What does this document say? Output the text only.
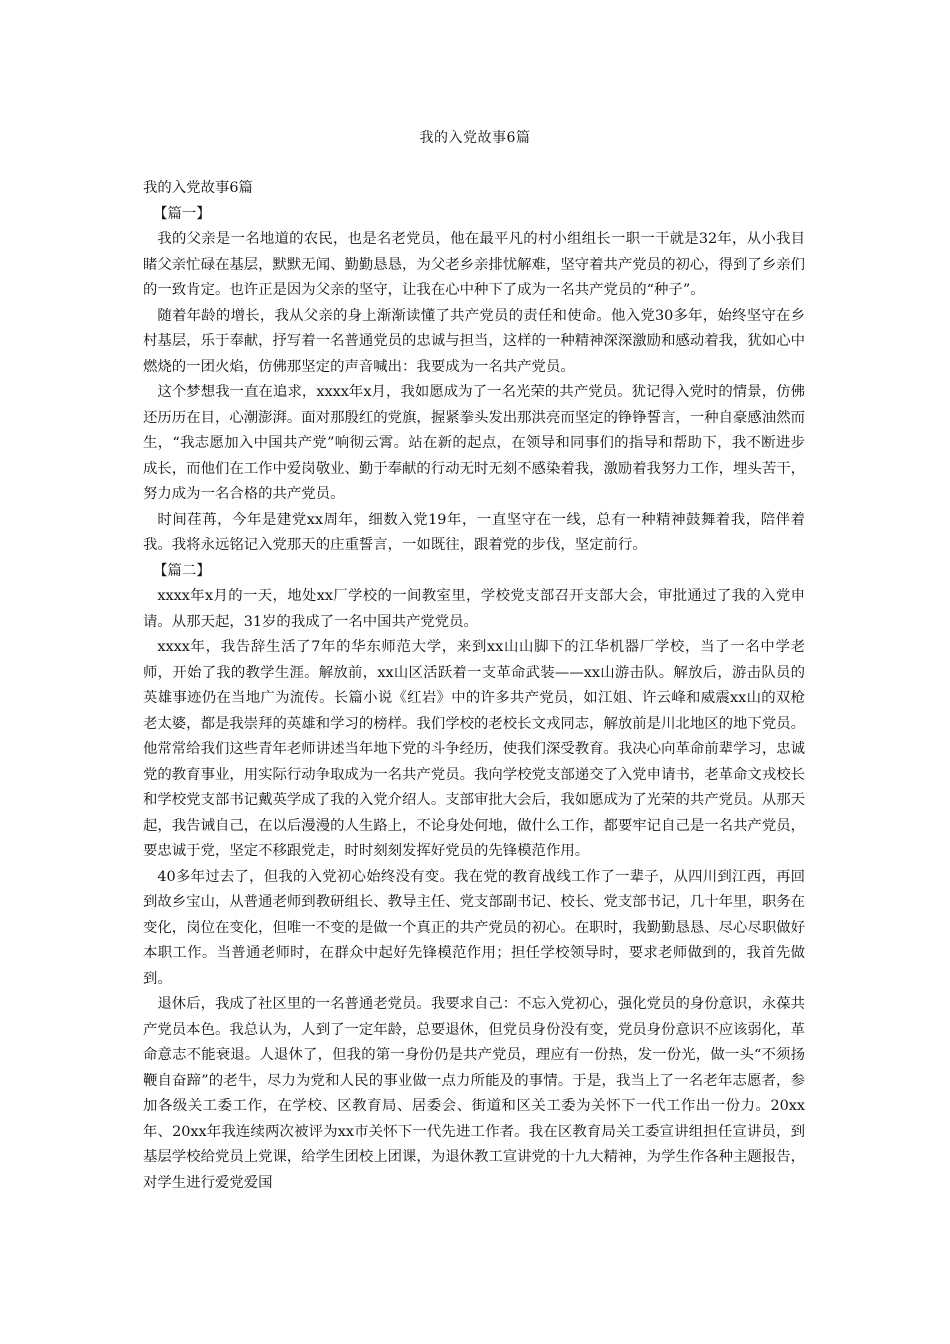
我的入党故事6篇

我的入党故事6篇

【篇一】

我的父亲是一名地道的农民，也是名老党员，他在最平凡的村小组组长一职一干就是32年，从小我目睹父亲忙碌在基层，默默无闻、勤勤恳恳，为父老乡亲排忧解难，坚守着共产党员的初心，得到了乡亲们的一致肯定。也许正是因为父亲的坚守，让我在心中种下了成为一名共产党员的“种子”。

随着年龄的增长，我从父亲的身上渐渐读懂了共产党员的责任和使命。他入党30多年，始终坚守在乡村基层，乐于奉献，抒写着一名普通党员的忠诚与担当，这样的一种精神深深激励和感动着我，犹如心中燃烧的一团火焰，仿佛那坚定的声音喊出：我要成为一名共产党员。

这个梦想我一直在追求，xxxx年x月，我如愿成为了一名光荣的共产党员。犹记得入党时的情景，仿佛还历历在目，心潮澎湃。面对那殷红的党旗，握紧拳头发出那洪亮而坚定的铮铮誓言，一种自豪感油然而生，“我志愿加入中国共产党”响彻云霄。站在新的起点，在领导和同事们的指导和帮助下，我不断进步成长，而他们在工作中爱岗敬业、勤于奉献的行动无时无刻不感染着我，激励着我努力工作，埋头苦干，努力成为一名合格的共产党员。

时间荏苒，今年是建党xx周年，细数入党19年，一直坚守在一线，总有一种精神鼓舞着我，陪伴着我。我将永远铭记入党那天的庄重誓言，一如既往，跟着党的步伐，坚定前行。

【篇二】

xxxx年x月的一天，地处xx厂学校的一间教室里，学校党支部召开支部大会，审批通过了我的入党申请。从那天起，31岁的我成了一名中国共产党党员。

xxxx年，我告辞生活了7年的华东师范大学，来到xx山山脚下的江华机器厂学校，当了一名中学老师，开始了我的教学生涯。解放前，xx山区活跃着一支革命武装——xx山游击队。解放后，游击队员的英雄事迹仍在当地广为流传。长篇小说《红岩》中的许多共产党员，如江姐、许云峰和威震xx山的双枪老太婆，都是我崇拜的英雄和学习的榜样。我们学校的老校长文戎同志，解放前是川北地区的地下党员。他常常给我们这些青年老师讲述当年地下党的斗争经历，使我们深受教育。我决心向革命前辈学习，忠诚党的教育事业，用实际行动争取成为一名共产党员。我向学校党支部递交了入党申请书，老革命文戎校长和学校党支部书记戴英学成了我的入党介绍人。支部审批大会后，我如愿成为了光荣的共产党员。从那天起，我告诫自己，在以后漫漫的人生路上，不论身处何地，做什么工作，都要牢记自己是一名共产党员，要忠诚于党，坚定不移跟党走，时时刻刻发挥好党员的先锋模范作用。

40多年过去了，但我的入党初心始终没有变。我在党的教育战线工作了一辈子，从四川到江西，再回到故乡宝山，从普通老师到教研组长、教导主任、党支部副书记、校长、党支部书记，几十年里，职务在变化，岗位在变化，但唯一不变的是做一个真正的共产党员的初心。在职时，我勤勤恳恳、尽心尽职做好本职工作。当普通老师时，在群众中起好先锋模范作用；担任学校领导时，要求老师做到的，我首先做到。

退休后，我成了社区里的一名普通老党员。我要求自己：不忘入党初心，强化党员的身份意识，永葆共产党员本色。我总认为，人到了一定年龄，总要退休，但党员身份没有变，党员身份意识不应该弱化，革命意志不能衰退。人退休了，但我的第一身份仍是共产党员，理应有一份热，发一份光，做一头“不须扬鞭自奋蹄”的老牛，尽力为党和人民的事业做一点力所能及的事情。于是，我当上了一名老年志愿者，参加各级关工委工作，在学校、区教育局、居委会、街道和区关工委为关怀下一代工作出一份力。20xx年、20xx年我连续两次被评为xx市关怀下一代先进工作者。我在区教育局关工委宣讲组担任宣讲员，到基层学校给党员上党课，给学生团校上团课，为退休教工宣讲党的十九大精神，为学生作各种主题报告，对学生进行爱党爱国
